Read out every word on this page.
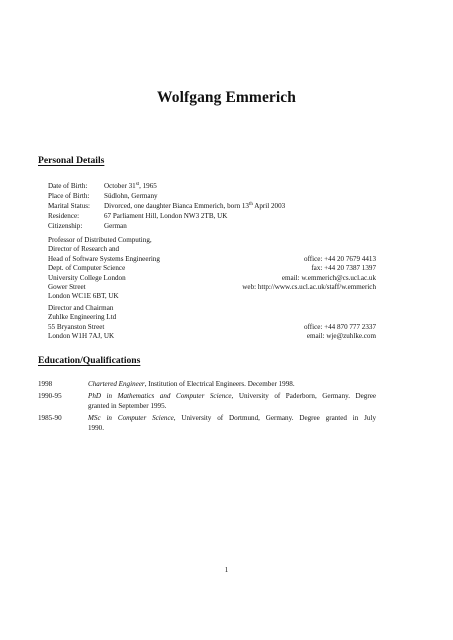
Wolfgang Emmerich
Personal Details
Date of Birth:	October 31st, 1965
Place of Birth:	Südlohn, Germany
Marital Status:	Divorced, one daughter Bianca Emmerich, born 13th April 2003
Residence:	67 Parliament Hill, London NW3 2TB, UK
Citizenship:	German
Professor of Distributed Computing,
Director of Research and
Head of Software Systems Engineering	office: +44 20 7679 4413
Dept. of Computer Science	fax: +44 20 7387 1397
University College London	email: w.emmerich@cs.ucl.ac.uk
Gower Street	web: http://www.cs.ucl.ac.uk/staff/w.emmerich
London WC1E 6BT, UK
Director and Chairman
Zuhlke Engineering Ltd
55 Bryanston Street	office: +44 870 777 2337
London W1H 7AJ, UK	email: wje@zuhlke.com
Education/Qualifications
1998	Chartered Engineer, Institution of Electrical Engineers. December 1998.
1990-95	PhD in Mathematics and Computer Science, University of Paderborn, Germany. Degree
granted in September 1995.
1985-90	MSc in Computer Science, University of Dortmund, Germany. Degree granted in July
1990.
1
